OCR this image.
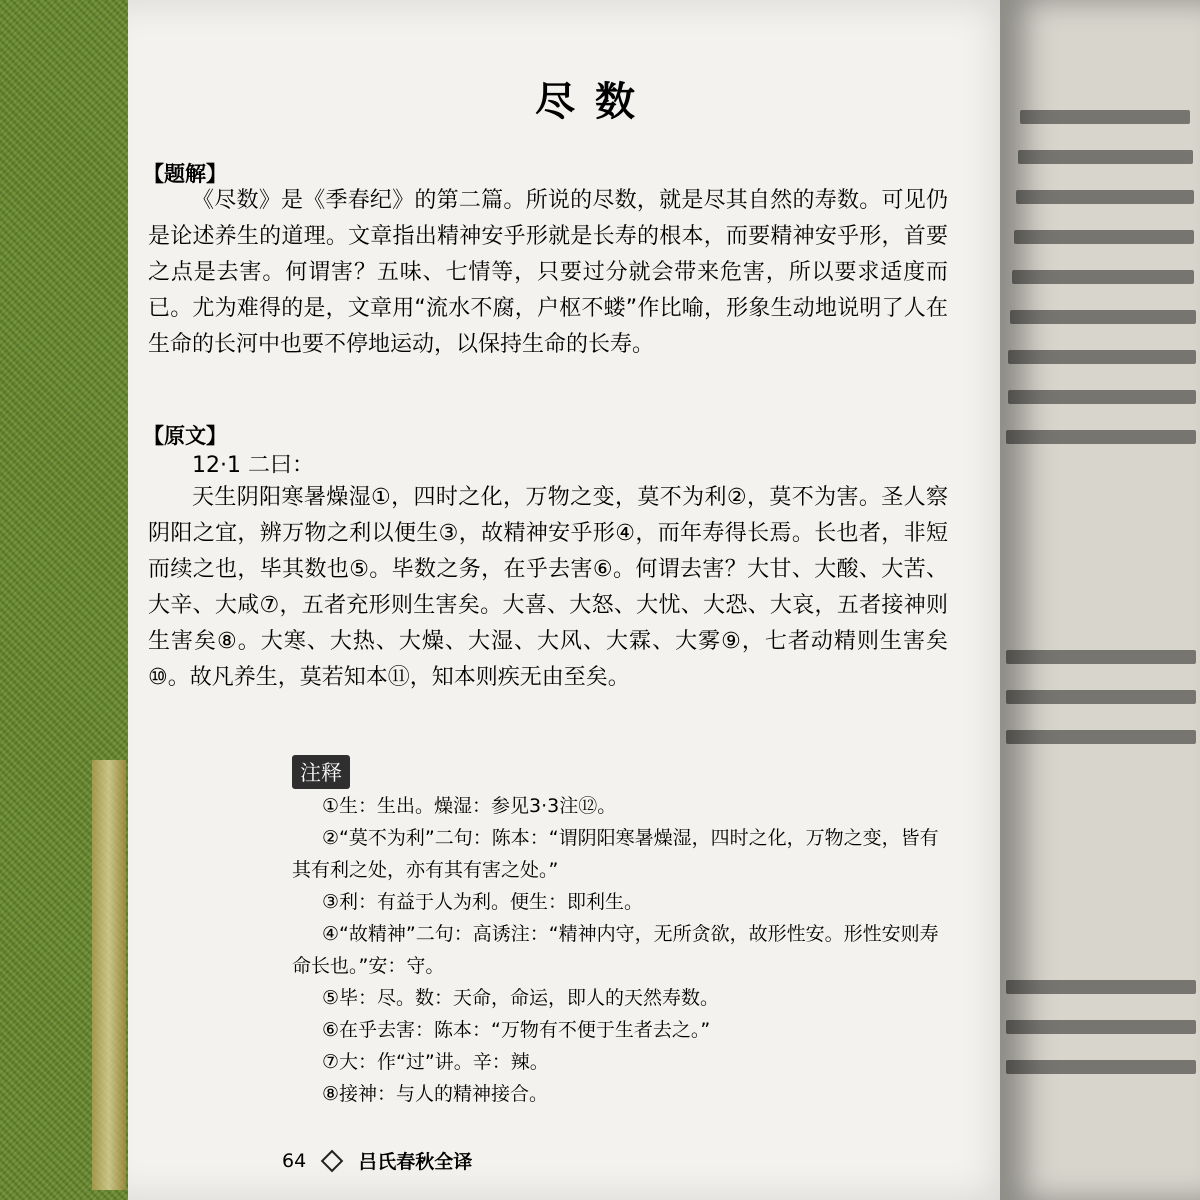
尽数
【题解】

《尽数》是《季春纪》的第二篇。所说的尽数，就是尽其自然的寿数。可见仍是论述养生的道理。文章指出精神安乎形就是长寿的根本，而要精神安乎形，首要之点是去害。何谓害？五味、七情等，只要过分就会带来危害，所以要求适度而已。尤为难得的是，文章用“流水不腐，户枢不蝼”作比喻，形象生动地说明了人在生命的长河中也要不停地运动，以保持生命的长寿。

【原文】
12·1 二曰：

天生阴阳寒暑燥湿①，四时之化，万物之变，莫不为利②，莫不为害。圣人察阴阳之宜，辨万物之利以便生③，故精神安乎形④，而年寿得长焉。长也者，非短而续之也，毕其数也⑤。毕数之务，在乎去害⑥。何谓去害？大甘、大酸、大苦、大辛、大咸⑦，五者充形则生害矣。大喜、大怒、大忧、大恐、大哀，五者接神则生害矣⑧。大寒、大热、大燥、大湿、大风、大霖、大雾⑨，七者动精则生害矣⑩。故凡养生，莫若知本⑪，知本则疾无由至矣。

注释

①生：生出。燥湿：参见3·3注⑫。

②“莫不为利”二句：陈本：“谓阴阳寒暑燥湿，四时之化，万物之变，皆有其有利之处，亦有其有害之处。”

③利：有益于人为利。便生：即利生。

④“故精神”二句：高诱注：“精神内守，无所贪欲，故形性安。形性安则寿命长也。”安：守。

⑤毕：尽。数：天命，命运，即人的天然寿数。

⑥在乎去害：陈本：“万物有不便于生者去之。”

⑦大：作“过”讲。辛：辣。

⑧接神：与人的精神接合。

64	吕氏春秋全译
